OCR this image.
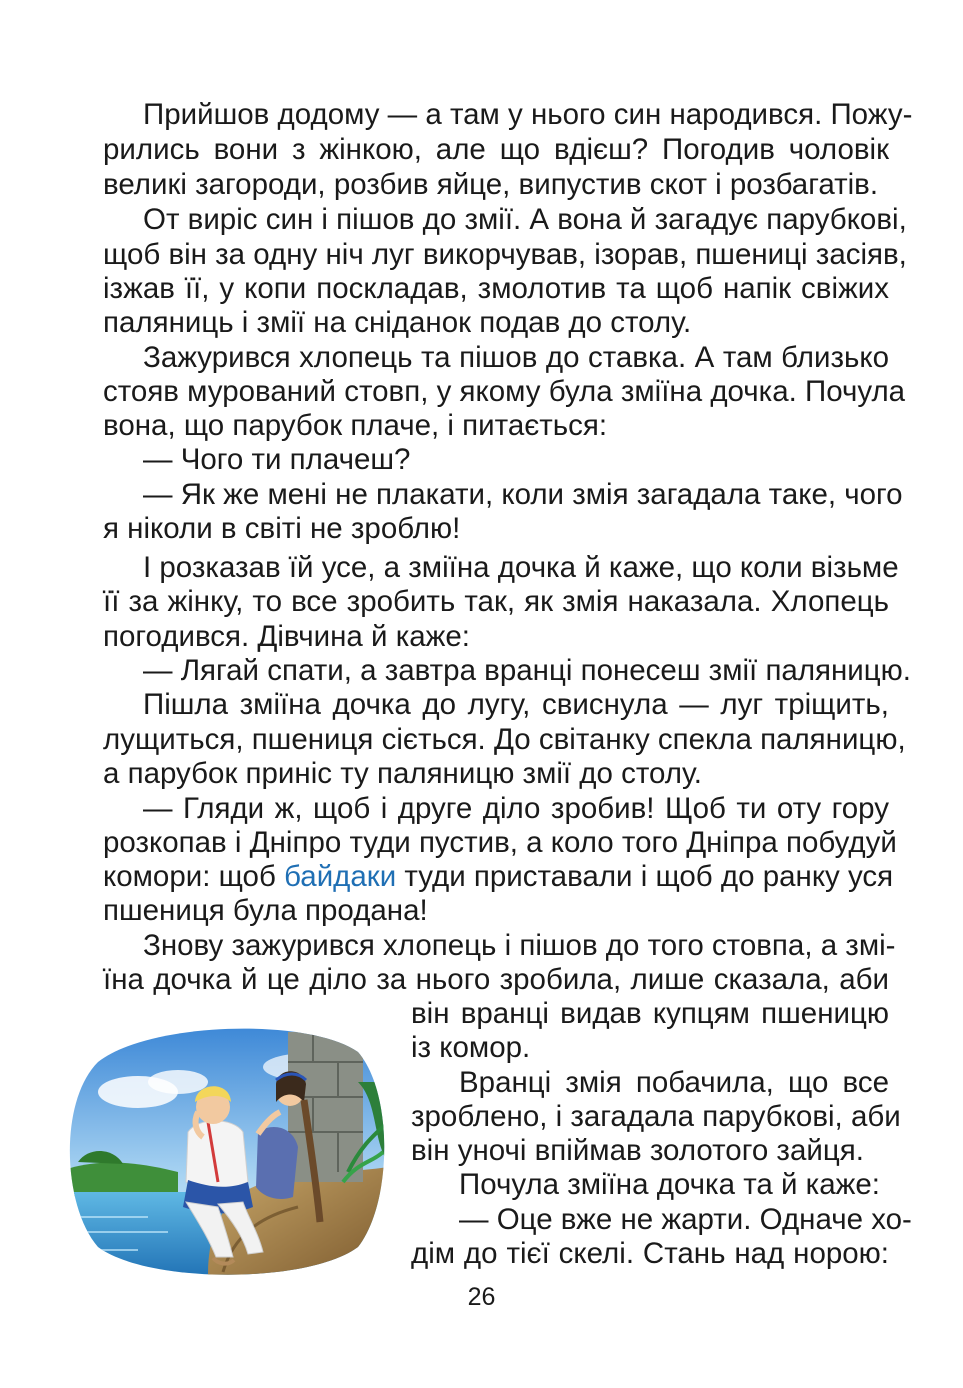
Прийшов додому — а там у нього син народився. Пожу-
рились вони з жінкою, але що вдієш? Погодив чоловік
великі загороди, розбив яйце, випустив скот і розбагатів.
От виріс син і пішов до змії. А вона й загадує парубкові,
щоб він за одну ніч луг викорчував, ізорав, пшениці засіяв,
ізжав її, у копи поскладав, змолотив та щоб напік свіжих
паляниць і змії на сніданок подав до столу.
Зажурився хлопець та пішов до ставка. А там близько
стояв мурований стовп, у якому була зміїна дочка. Почула
вона, що парубок плаче, і питається:
— Чого ти плачеш?
— Як же мені не плакати, коли змія загадала таке, чого
я ніколи в світі не зроблю!
І розказав їй усе, а зміїна дочка й каже, що коли візьме
її за жінку, то все зробить так, як змія наказала. Хлопець
погодився. Дівчина й каже:
— Лягай спати, а завтра вранці понесеш змії паляницю.
Пішла зміїна дочка до лугу, свиснула — луг тріщить,
лущиться, пшениця сіється. До світанку спекла паляницю,
а парубок приніс ту паляницю змії до столу.
— Гляди ж, щоб і друге діло зробив! Щоб ти оту гору
розкопав і Дніпро туди пустив, а коло того Дніпра побудуй
комори: щоб байдаки туди приставали і щоб до ранку уся
пшениця була продана!
Знову зажурився хлопець і пішов до того стовпа, а змі-
їна дочка й це діло за нього зробила, лише сказала, аби
він вранці видав купцям пшеницю
із комор.
Вранці змія побачила, що все
зроблено, і загадала парубкові, аби
він уночі впіймав золотого зайця.
Почула зміїна дочка та й каже:
— Оце вже не жарти. Одначе хо-
дім до тієї скелі. Стань над норою:
26
